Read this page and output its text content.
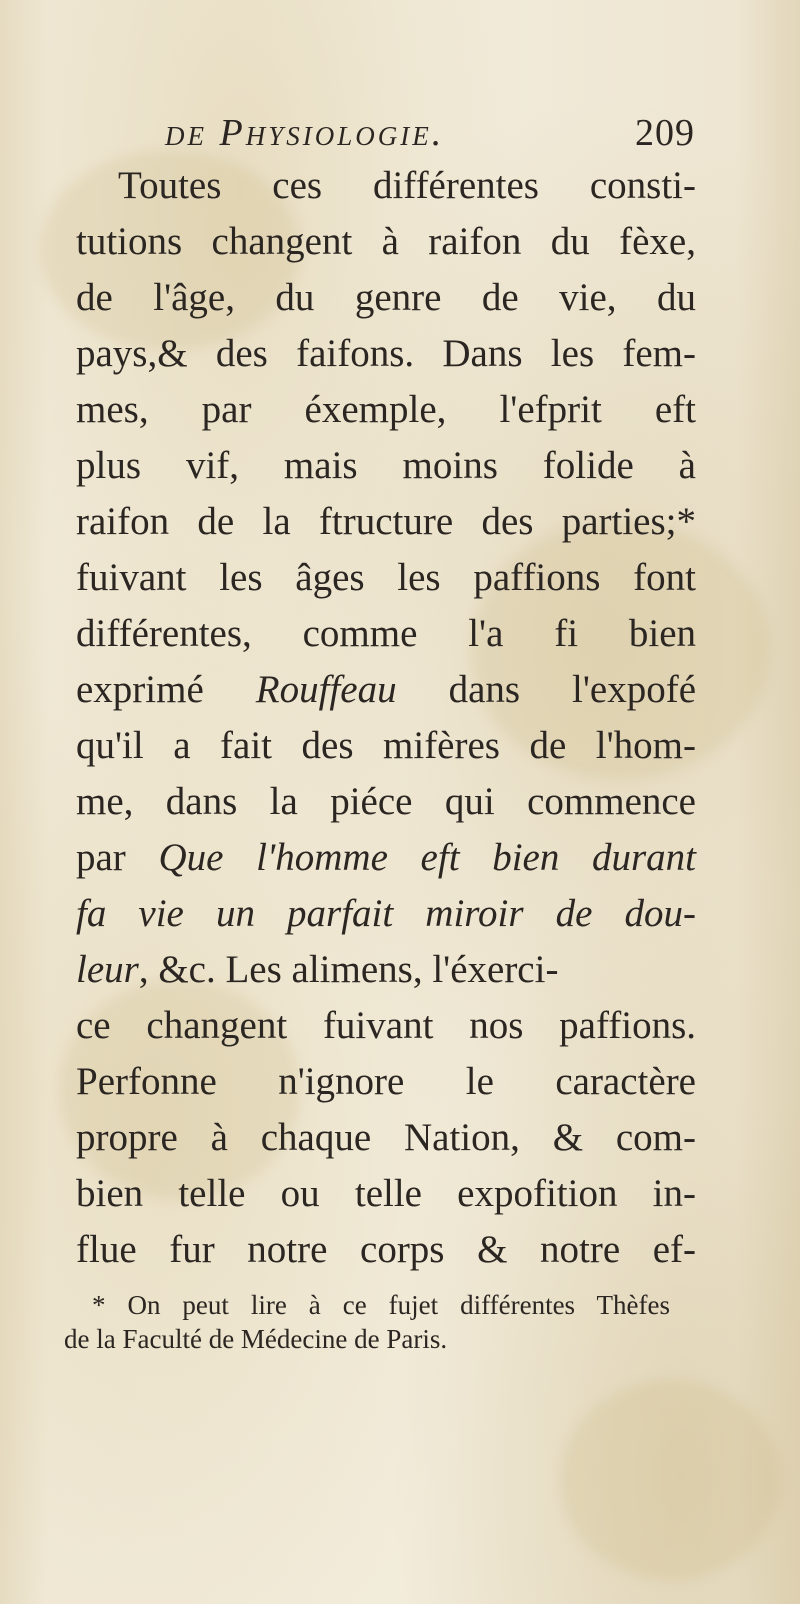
de Physiologie.	209
Toutes ces différentes consti-
tutions changent à raifon du fèxe,
de l'âge, du genre de vie, du
pays,& des faifons. Dans les fem-
mes, par éxemple, l'efprit eft
plus vif, mais moins folide à
raifon de la ftructure des parties;*
fuivant les âges les paffions font
différentes, comme l'a fi bien
exprimé Rouffeau dans l'expofé
qu'il a fait des mifères de l'hom-
me, dans la piéce qui commence
par Que l'homme eft bien durant
fa vie un parfait miroir de dou-
leur, &c. Les alimens, l'éxerci-
ce changent fuivant nos paffions.
Perfonne n'ignore le caractère
propre à chaque Nation, & com-
bien telle ou telle expofition in-
flue fur notre corps & notre ef-
* On peut lire à ce fujet différentes Thèfes
de la Faculté de Médecine de Paris.
